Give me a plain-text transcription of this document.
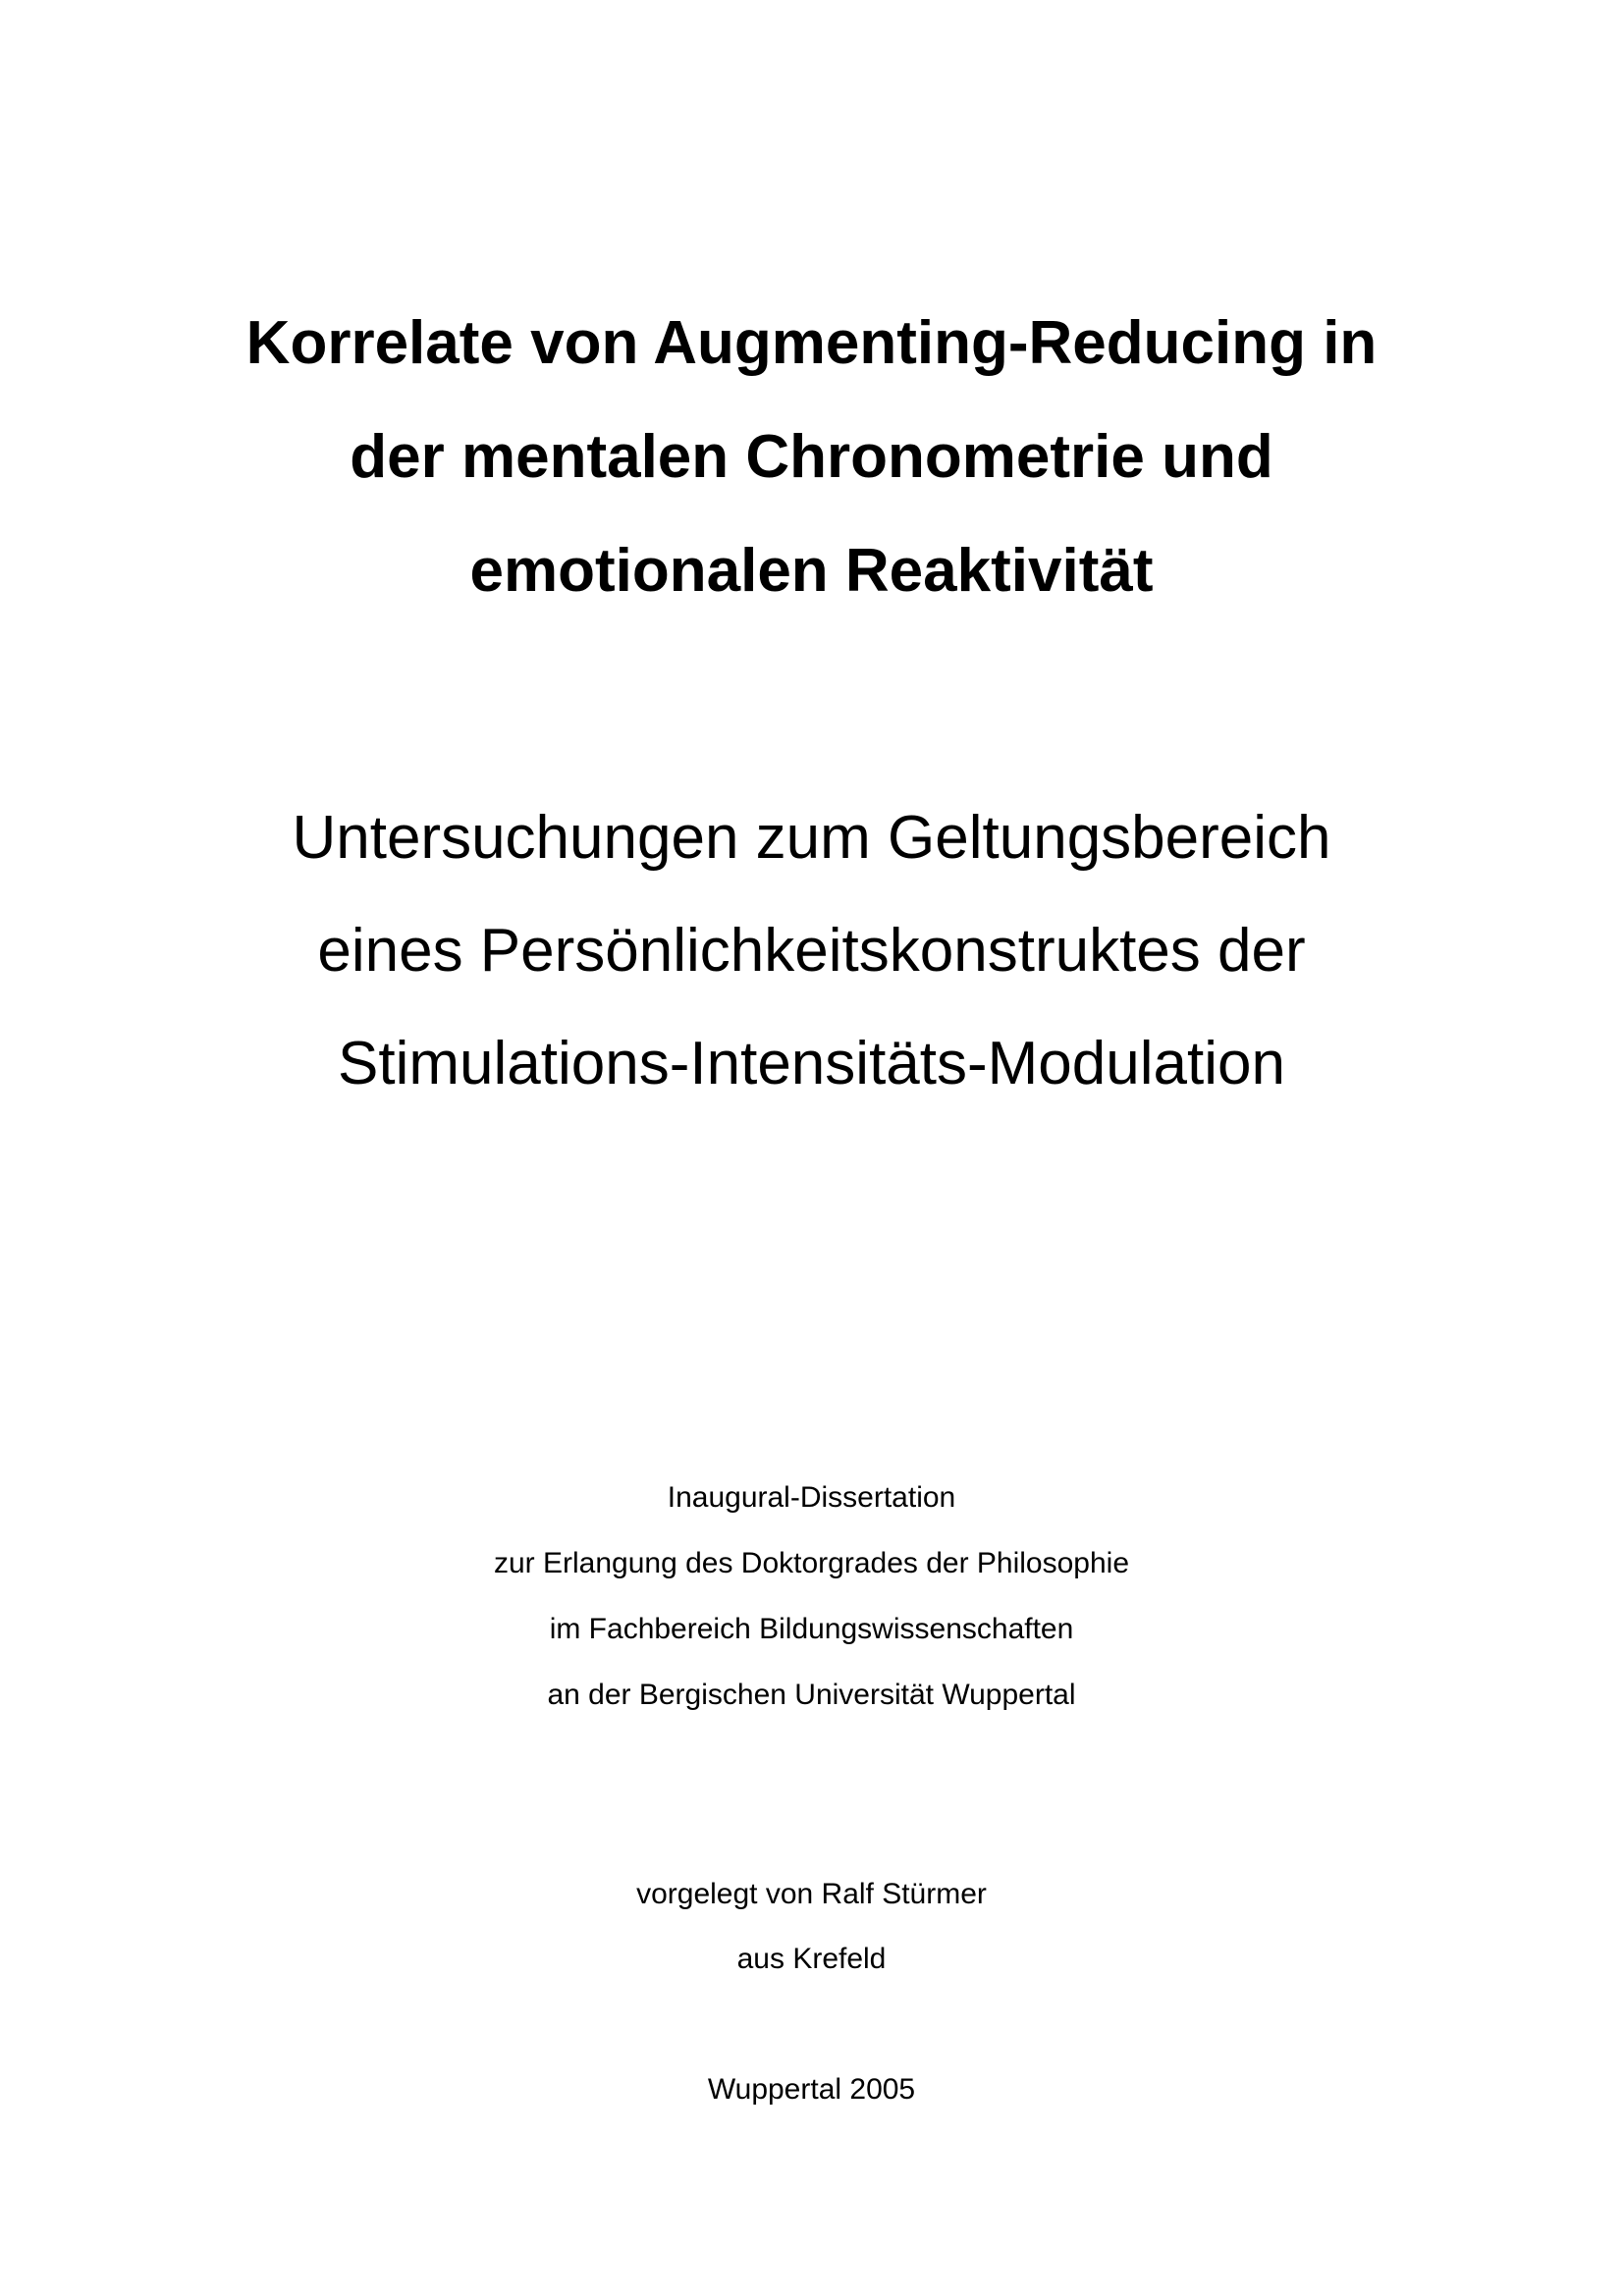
Korrelate von Augmenting-Reducing in
der mentalen Chronometrie und
emotionalen Reaktivität
Untersuchungen zum Geltungsbereich
eines Persönlichkeitskonstruktes der
Stimulations-Intensitäts-Modulation
Inaugural-Dissertation
zur Erlangung des Doktorgrades der Philosophie
im Fachbereich Bildungswissenschaften
an der Bergischen Universität Wuppertal
vorgelegt von Ralf Stürmer
aus Krefeld
Wuppertal 2005
